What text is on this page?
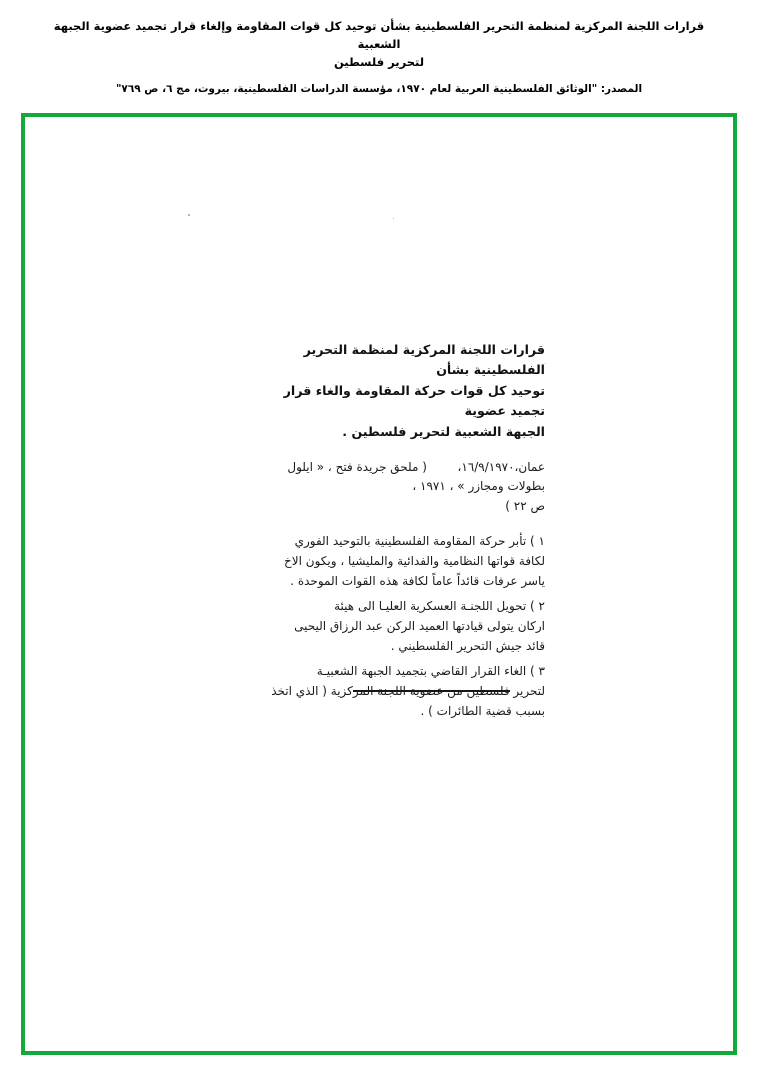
قرارات اللجنة المركزية لمنظمة التحرير الفلسطينية بشأن توحيد كل قوات المقاومة وإلغاء قرار تجميد عضوية الجبهة الشعبية
لتحرير فلسطين
المصدر: "الوثائق الفلسطينية العربية لعام ١٩٧٠، مؤسسة الدراسات الفلسطينية، بيروت، مج ٦، ص ٧٦٩"
قرارات اللجنة المركزية لمنظمة التحرير الفلسطينية بشأن
توحيد كل قوات حركة المقاومة والغاء قرار تجميد عضوية
الجبهة الشعبية لتحرير فلسطين .
عمان،١٦/٩/١٩٧٠،        ( ملحق جريدة فتح ، « ايلول
بطولات ومجازر » ، ١٩٧١ ،
ص ٢٢ )
١ ) تأبر حركة المقاومة الفلسطينية بالتوحيد الفوري
لكافة قواتها النظامية والفدائية والمليشيا ، ويكون الاخ
ياسر عرفات قائداً عاماً لكافة هذه القوات الموحدة .
٢ ) تحويل اللجنـة العسكرية العليـا الى هيئة
اركان يتولى قيادتها العميد الركن عبد الرزاق اليحيى
قائد جيش التحرير الفلسطيني .
٣ ) الغاء القرار القاضي بتجميد الجبهة الشعبيـة
لتحرير فلسطين من عضوية اللجنة المركزية ( الذي اتخذ
بسبب قضية الطائرات ) .
